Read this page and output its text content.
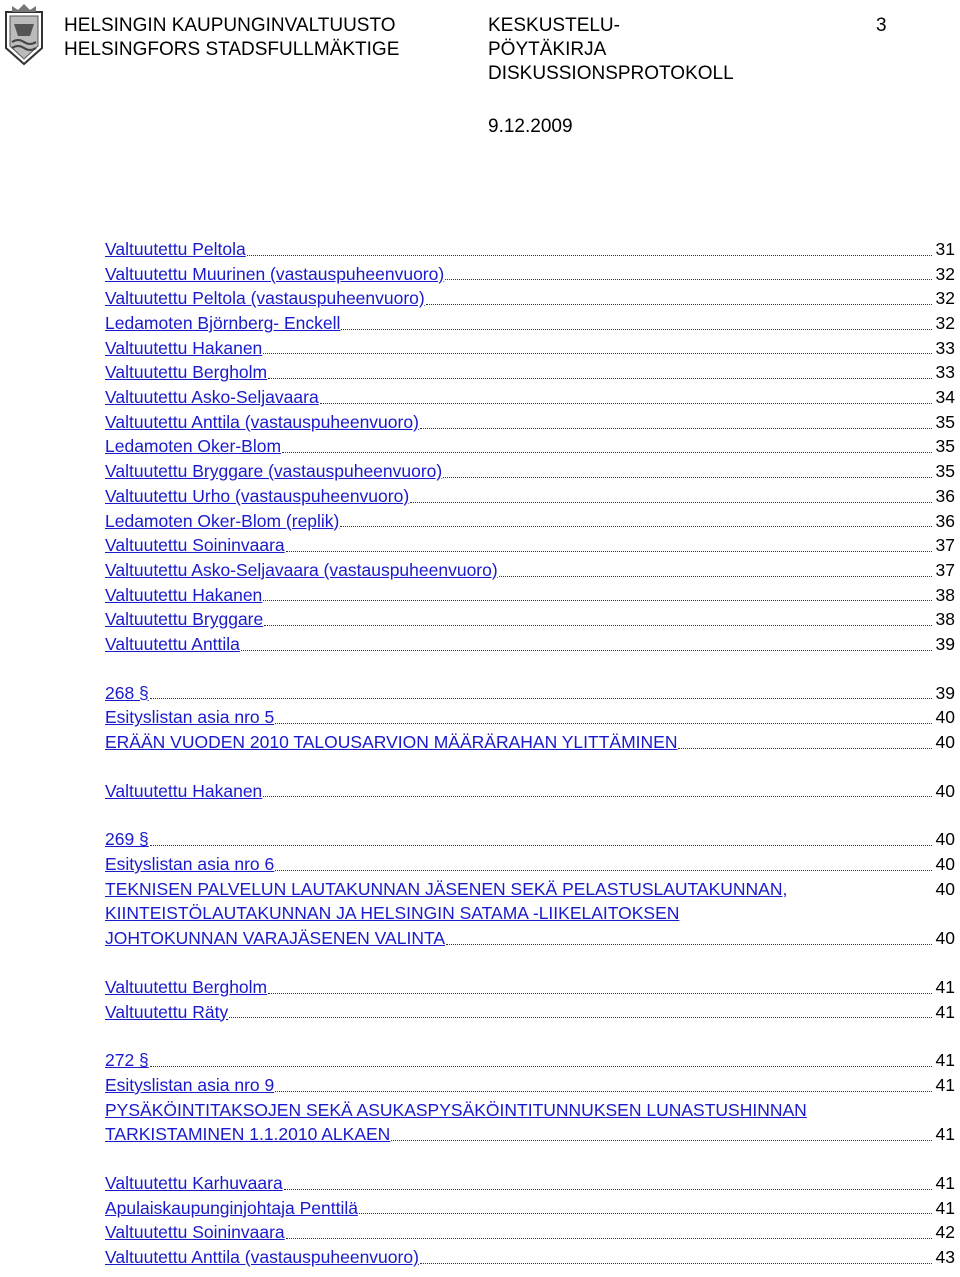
HELSINGIN KAUPUNGINVALTUUSTO
HELSINGFORS STADSFULLMÄKTIGE
KESKUSTELU-
PÖYTÄKIRJA
DISKUSSIONSPROTOKOLL
3
9.12.2009
Valtuutettu Peltola	31
Valtuutettu Muurinen (vastauspuheenvuoro)	32
Valtuutettu Peltola (vastauspuheenvuoro)	32
Ledamoten Björnberg- Enckell	32
Valtuutettu Hakanen	33
Valtuutettu Bergholm	33
Valtuutettu Asko-Seljavaara	34
Valtuutettu Anttila (vastauspuheenvuoro)	35
Ledamoten Oker-Blom	35
Valtuutettu Bryggare (vastauspuheenvuoro)	35
Valtuutettu Urho (vastauspuheenvuoro)	36
Ledamoten Oker-Blom (replik)	36
Valtuutettu Soininvaara	37
Valtuutettu Asko-Seljavaara (vastauspuheenvuoro)	37
Valtuutettu Hakanen	38
Valtuutettu Bryggare	38
Valtuutettu Anttila	39
268 §	39
Esityslistan asia nro 5	40
ERÄÄN VUODEN 2010 TALOUSARVION MÄÄRÄRAHAN YLITTÄMINEN	40
Valtuutettu Hakanen	40
269 §	40
Esityslistan asia nro 6	40
TEKNISEN PALVELUN LAUTAKUNNAN JÄSENEN SEKÄ PELASTUSLAUTAKUNNAN,	40
KIINTEISTÖLAUTAKUNNAN JA HELSINGIN SATAMA -LIIKELAITOKSEN
JOHTOKUNNAN VARAJÄSENEN VALINTA	40
Valtuutettu Bergholm	41
Valtuutettu Räty	41
272 §	41
Esityslistan asia nro 9	41
PYSÄKÖINTITAKSOJEN SEKÄ ASUKASPYSÄKÖINTITUNNUKSEN LUNASTUSHINNAN
TARKISTAMINEN 1.1.2010 ALKAEN	41
Valtuutettu Karhuvaara	41
Apulaiskaupunginjohtaja Penttilä	41
Valtuutettu Soininvaara	42
Valtuutettu Anttila (vastauspuheenvuoro)	43
